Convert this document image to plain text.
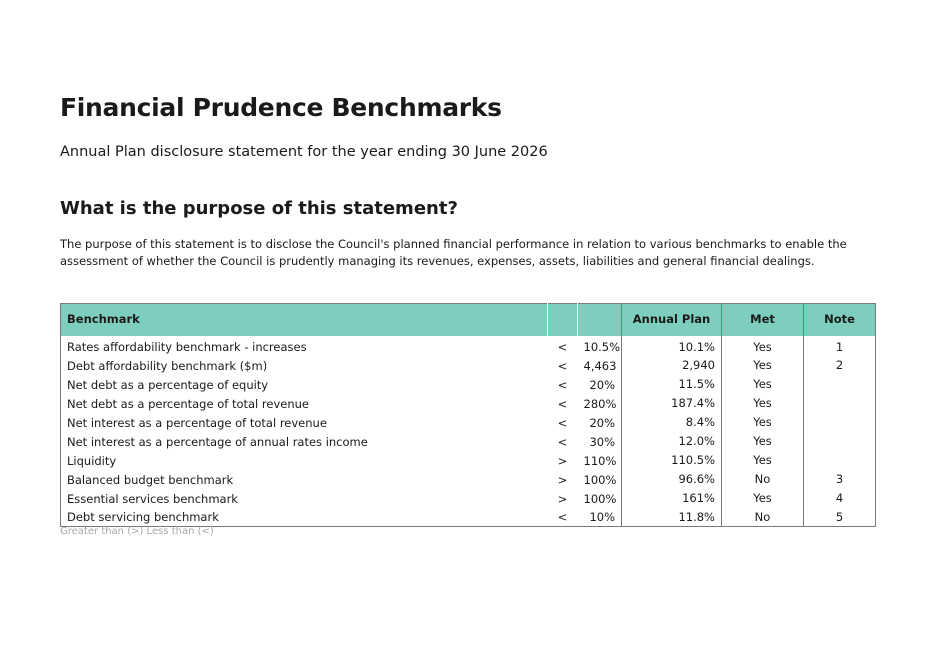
Financial Prudence Benchmarks
Annual Plan disclosure statement for the year ending 30 June 2026
What is the purpose of this statement?
The purpose of this statement is to disclose the Council's planned financial performance in relation to various benchmarks to enable the assessment of whether the Council is prudently managing its revenues, expenses, assets, liabilities and general financial dealings.
Benchmark			Annual Plan	Met	Note
Rates affordability benchmark - increases	<	10.5%	10.1%	Yes	1
Debt affordability benchmark ($m)	<	4,463	2,940	Yes	2
Net debt as a percentage of equity	<	20%	11.5%	Yes	
Net debt as a percentage of total revenue	<	280%	187.4%	Yes	
Net interest as a percentage of total revenue	<	20%	8.4%	Yes	
Net interest as a percentage of annual rates income	<	30%	12.0%	Yes	
Liquidity	>	110%	110.5%	Yes	
Balanced budget benchmark	>	100%	96.6%	No	3
Essential services benchmark	>	100%	161%	Yes	4
Debt servicing benchmark	<	10%	11.8%	No	5
Greater than (>) Less than (<)
